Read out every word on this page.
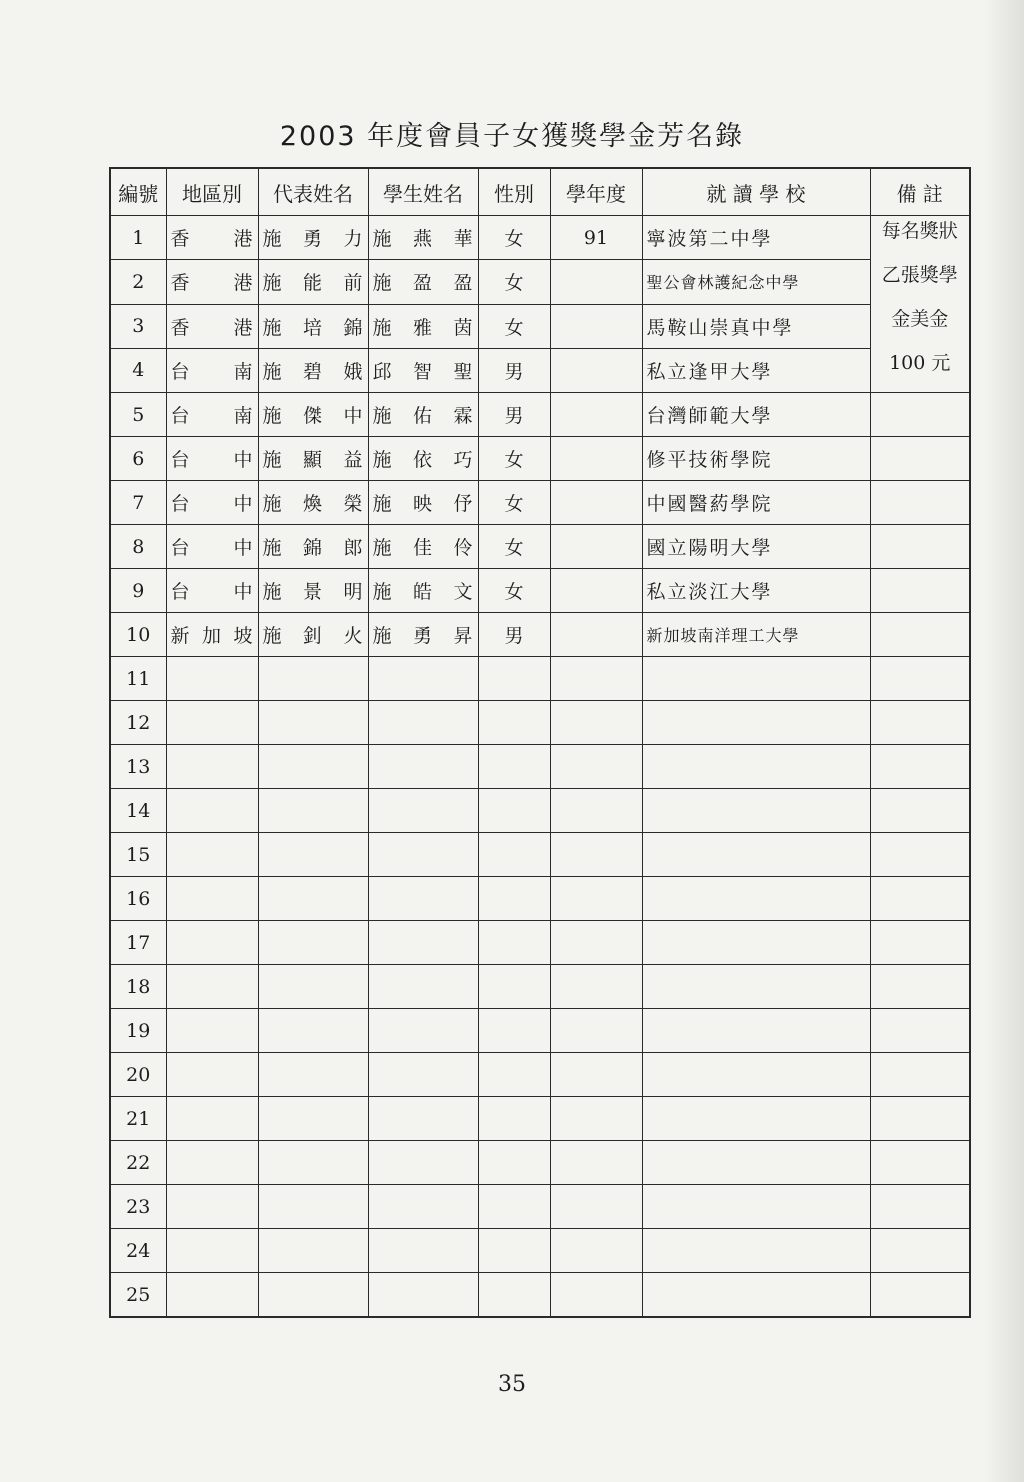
2003 年度會員子女獲獎學金芳名錄
編號	地區別	代表姓名	學生姓名	性別	學年度	就 讀 學 校	備 註
1	香港	施勇力	施燕華	女	91	寧波第二中學	每名獎狀
乙張獎學
金美金
100 元

2	香港	施能前	施盈盈	女		聖公會林護紀念中學	
3	香港	施培錦	施雅茵	女		馬鞍山崇真中學	
4	台南	施碧娥	邱智聖	男		私立逢甲大學	
5	台南	施傑中	施佑霖	男		台灣師範大學	
6	台中	施顯益	施依巧	女		修平技術學院	
7	台中	施煥榮	施映伃	女		中國醫葯學院	
8	台中	施錦郎	施佳伶	女		國立陽明大學	
9	台中	施景明	施皓文	女		私立淡江大學	
10	新加坡	施釗火	施勇昇	男		新加坡南洋理工大學	
11							
12							
13							
14							
15							
16							
17							
18							
19							
20							
21							
22							
23							
24							
25							
35
